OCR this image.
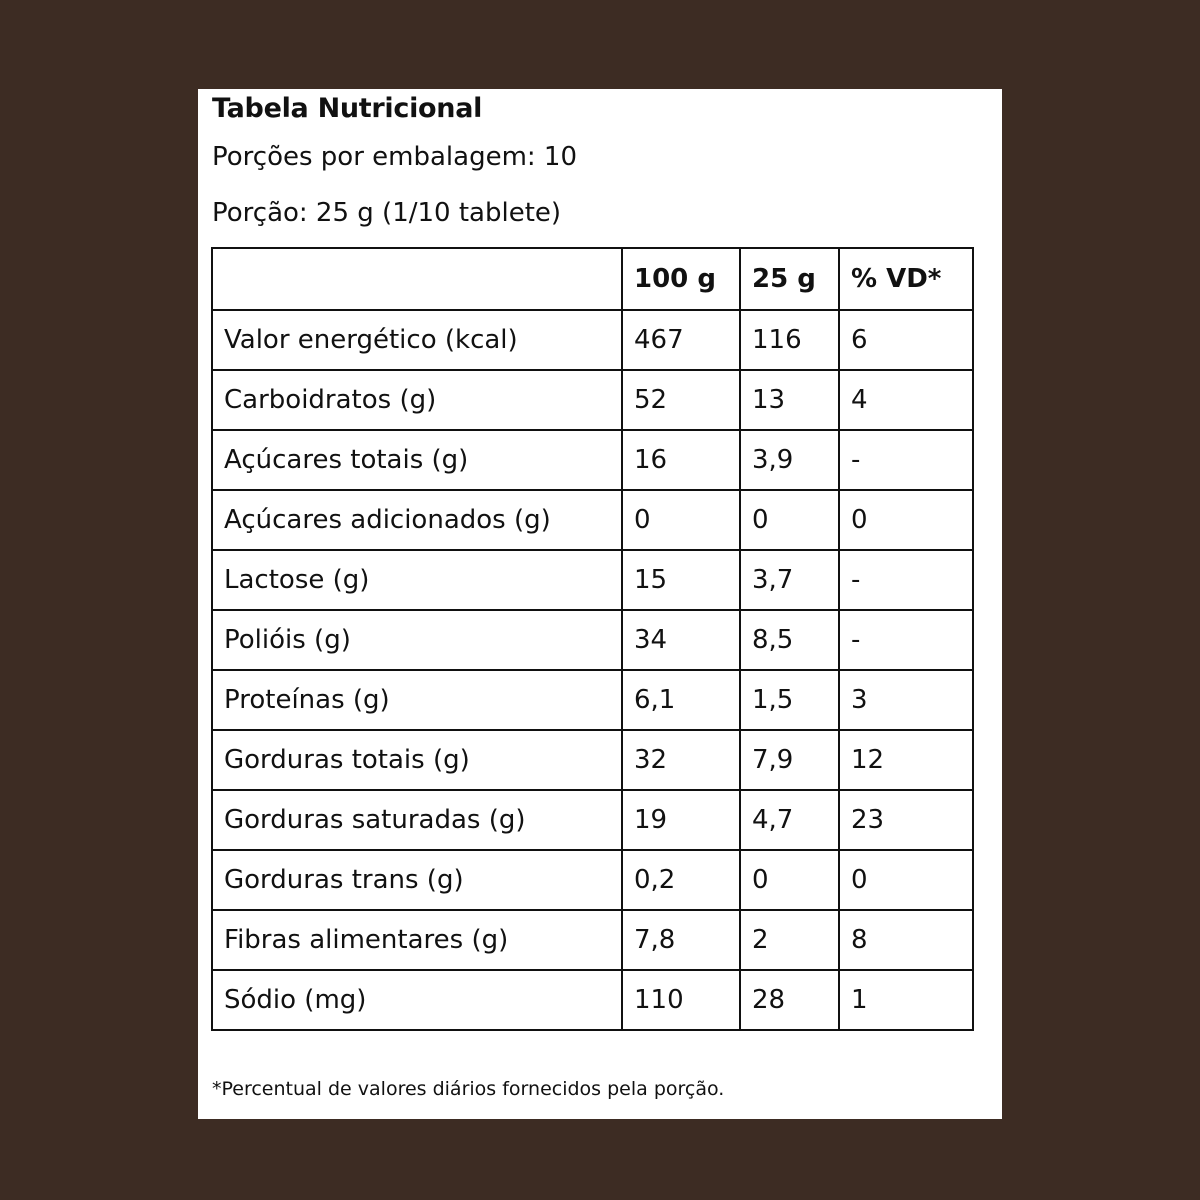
Tabela Nutricional
Porções por embalagem: 10
Porção: 25 g (1/10 tablete)
	100 g	25 g	% VD*
Valor energético (kcal)	467	116	6
Carboidratos (g)	52	13	4
Açúcares totais (g)	16	3,9	-
Açúcares adicionados (g)	0	0	0
Lactose (g)	15	3,7	-
Polióis (g)	34	8,5	-
Proteínas (g)	6,1	1,5	3
Gorduras totais (g)	32	7,9	12
Gorduras saturadas (g)	19	4,7	23
Gorduras trans (g)	0,2	0	0
Fibras alimentares (g)	7,8	2	8
Sódio (mg)	110	28	1
*Percentual de valores diários fornecidos pela porção.
